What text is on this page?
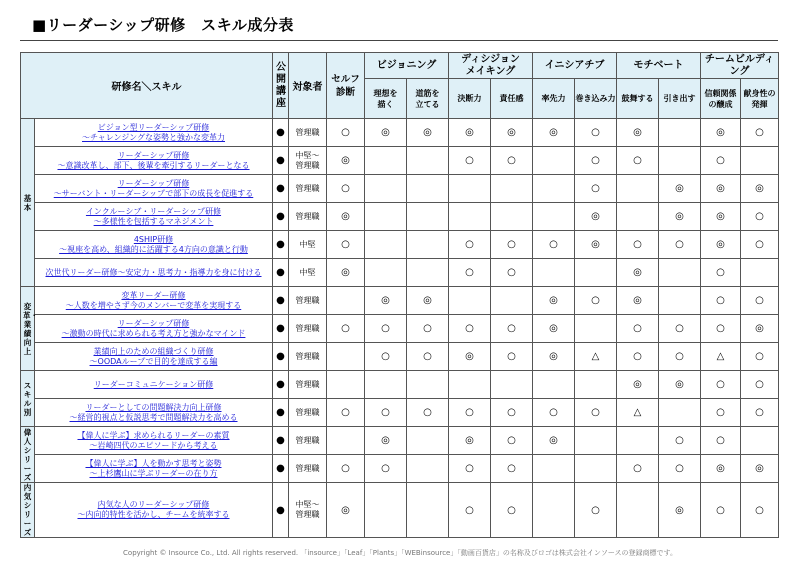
■リーダーシップ研修　スキル成分表
研修名＼スキル		公開講座	対象者	セルフ
診断	ビジョニング		ディシジョン
メイキング		イニシアチブ		モチベート		チームビルディング	
					理想を
描く	道筋を
立てる	決断力	責任感	率先力	巻き込み力	鼓舞する	引き出す	信頼関係
の醸成	献身性の
発揮
基本	ビジョン型リーダーシップ研修
～チャレンジングな姿勢と強かな変革力	●	管理職	○	◎	◎	◎	◎	◎	○	◎		◎	○

	リーダーシップ研修
～意識改革し、部下、後輩を牽引するリーダーとなる	●	中堅～
管理職	◎			○	○		○	○		○	

	リーダーシップ研修
～サーバント・リーダーシップで部下の成長を促進する	●	管理職	○						○		◎	◎	◎

	インクルーシブ・リーダーシップ研修
～多様性を包括するマネジメント	●	管理職	◎						◎		◎	◎	○

	4SHIP研修
～視座を高め、組織的に活躍する4方向の意識と行動	●	中堅	○			○	○	○	◎	○	○	◎	○

	次世代リーダー研修～安定力・思考力・指導力を身に付ける	●	中堅	◎			○	○			◎		○	
変革・業績向上	変革リーダー研修
～人数を増やさず今のメンバーで変革を実現する	●	管理職		◎	◎			◎	○	◎		○	○

	リーダーシップ研修
～激動の時代に求められる考え方と強かなマインド	●	管理職	○	○	○	○	○	◎		○	○	○	◎

	業績向上のための組織づくり研修
～OODAループで目的を達成する編	●	管理職		○	○	◎	○	◎	△	○	○	△	○
スキル別	リーダーコミュニケーション研修	●	管理職								◎	◎	○	○

	リーダーとしての問題解決力向上研修
～経営的視点と仮説思考で問題解決力を高める	●	管理職	○	○	○	○	○	○	○	△		○	○
偉人シリーズ	【偉人に学ぶ】求められるリーダーの素質
～岩崎四代のエピソードから考える	●	管理職		◎		◎	○	◎			○	○	

	【偉人に学ぶ】人を動かす思考と姿勢
～上杉鷹山に学ぶリーダーの在り方	●	管理職	○	○		○	○			○	○	◎	◎
内気シリーズ	内気な人のリーダーシップ研修
～内向的特性を活かし、チームを統率する	●	中堅～
管理職	◎			○	○		○		◎	○	○
Copyright © Insource Co., Ltd. All rights reserved. 「insource」「Leaf」「Plants」「WEBinsource」「動画百貨店」の名称及びロゴは株式会社インソースの登録商標です。
